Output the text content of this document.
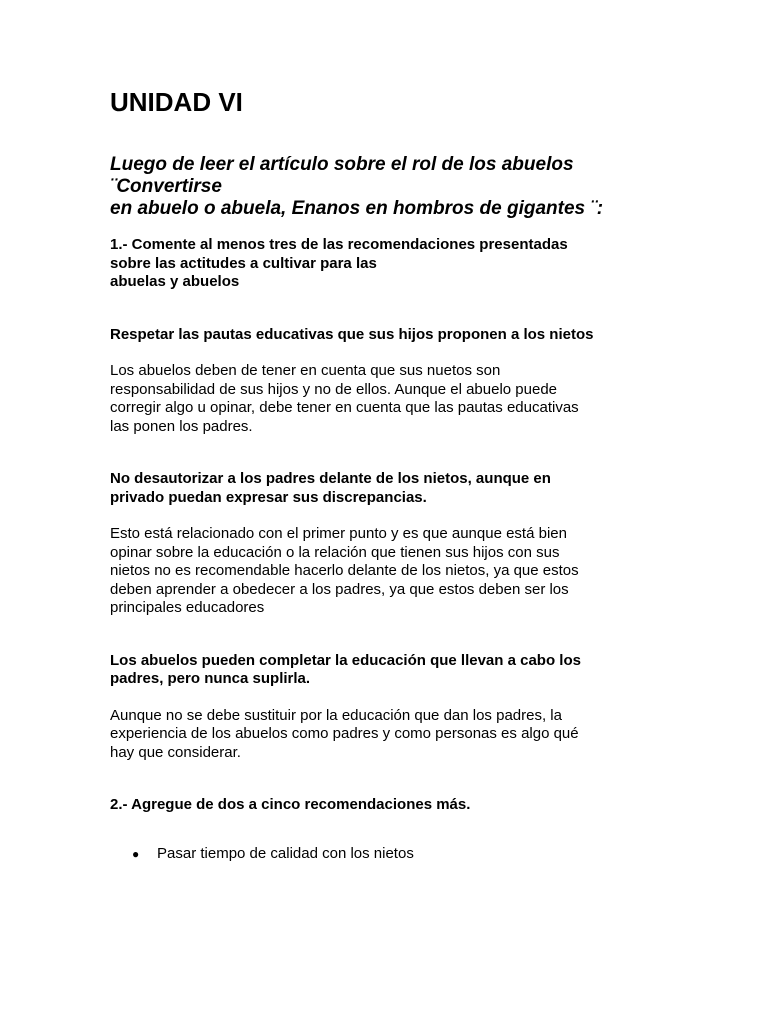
UNIDAD VI

Luego de leer el artículo sobre el rol de los abuelos
¨Convertirse
en abuelo o abuela, Enanos en hombros de gigantes ¨:

1.- Comente al menos tres de las recomendaciones presentadas
sobre las actitudes a cultivar para las
abuelas y abuelos

Respetar las pautas educativas que sus hijos proponen a los nietos

Los abuelos deben de tener en cuenta que sus nuetos son
responsabilidad de sus hijos y no de ellos. Aunque el abuelo puede
corregir algo u opinar, debe tener en cuenta que las pautas educativas
las ponen los padres.

No desautorizar a los padres delante de los nietos, aunque en
privado puedan expresar sus discrepancias.

Esto está relacionado con el primer punto y es que aunque está bien
opinar sobre la educación o la relación que tienen sus hijos con sus
nietos no es recomendable hacerlo delante de los nietos, ya que estos
deben aprender a obedecer a los padres, ya que estos deben ser los
principales educadores

Los abuelos pueden completar la educación que llevan a cabo los
padres, pero nunca suplirla.

Aunque no se debe sustituir por la educación que dan los padres, la
experiencia de los abuelos como padres y como personas es algo qué
hay que considerar.

2.- Agregue de dos a cinco recomendaciones más.

● Pasar tiempo de calidad con los nietos
